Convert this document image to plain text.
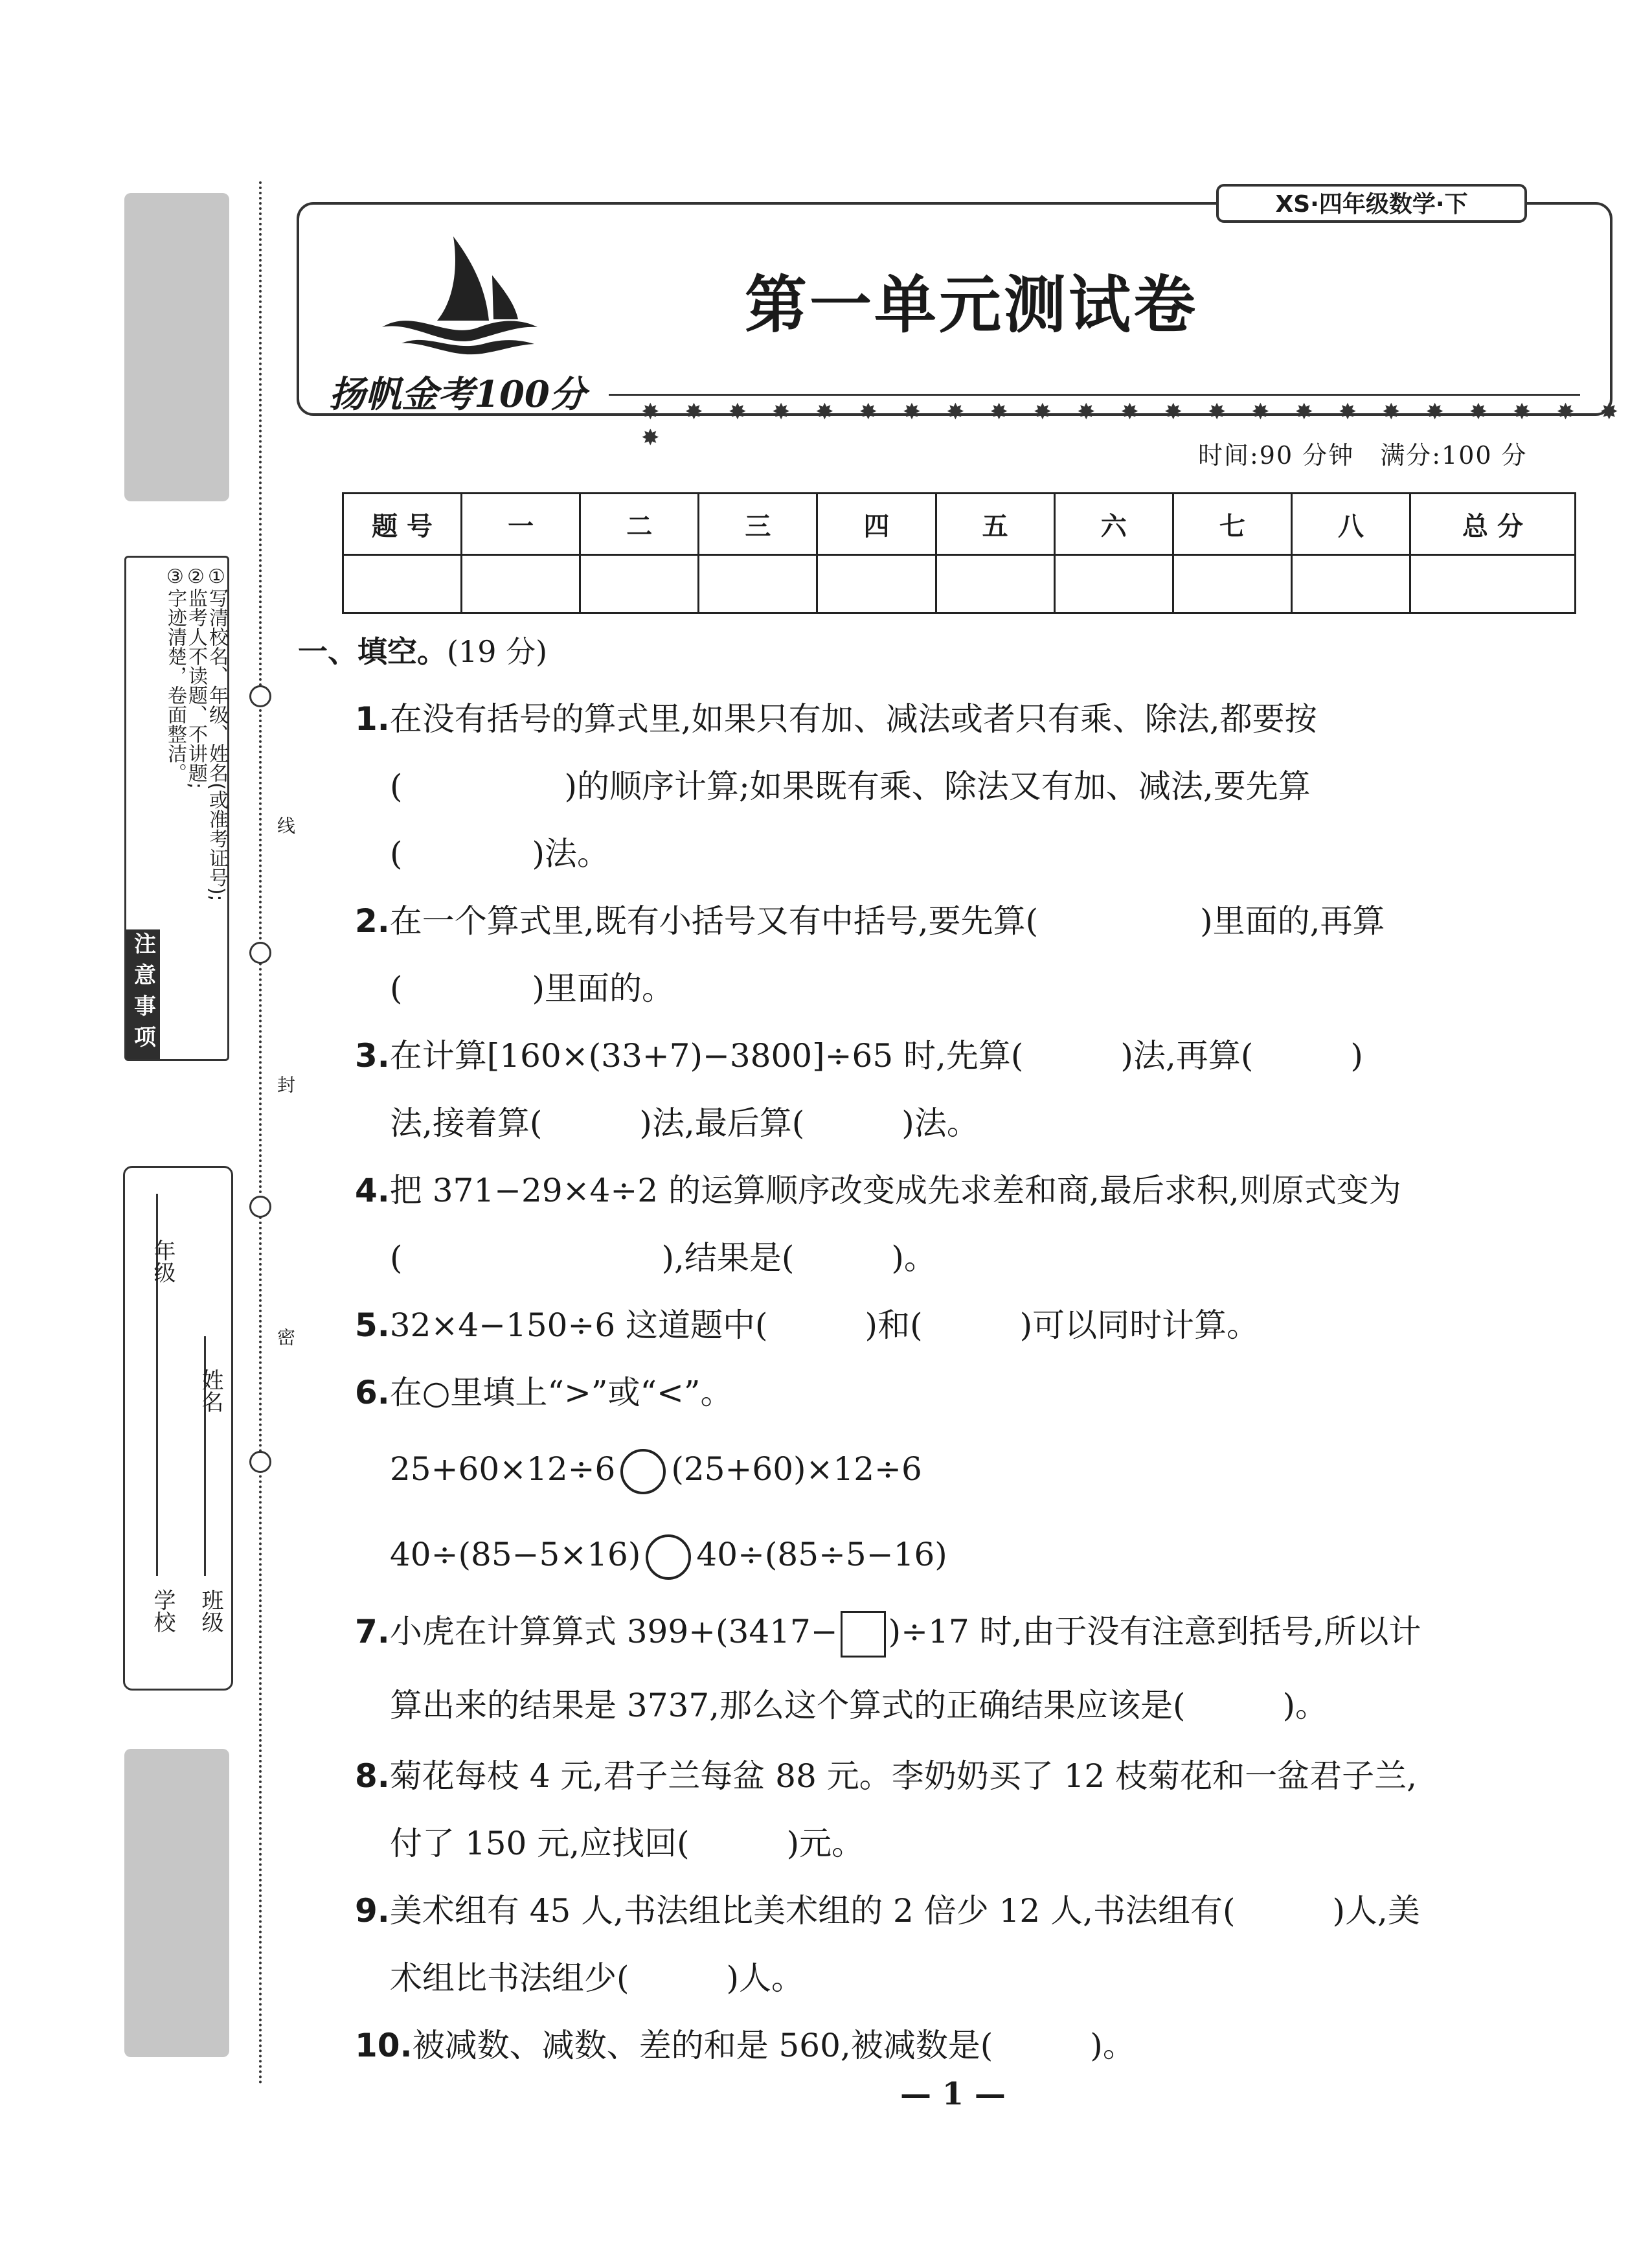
①写清校名、年级、姓名(或准考证号);
②监考人不读题、不讲题;
③字迹清楚，卷面整洁。
注意事项
学校
年级
班级
姓名
线
封
密
XS·四年级数学·下
第一单元测试卷
扬帆金考100分	✸ ✸ ✸ ✸ ✸ ✸ ✸ ✸ ✸ ✸ ✸ ✸ ✸ ✸ ✸ ✸ ✸ ✸ ✸ ✸ ✸ ✸ ✸ ✸
时间:90 分钟　满分:100 分
题 号	一	二	三	四	五	六	七	八	总 分

一、填空。(19 分)
1.在没有括号的算式里,如果只有加、减法或者只有乘、除法,都要按
(　　　　　)的顺序计算;如果既有乘、除法又有加、减法,要先算
(　　　　)法。
2.在一个算式里,既有小括号又有中括号,要先算(　　　　　)里面的,再算
(　　　　)里面的。
3.在计算[160×(33+7)−3800]÷65 时,先算(　　　)法,再算(　　　)
法,接着算(　　　)法,最后算(　　　)法。
4.把 371−29×4÷2 的运算顺序改变成先求差和商,最后求积,则原式变为
(　　　　　　　　),结果是(　　　)。
5.32×4−150÷6 这道题中(　　　)和(　　　)可以同时计算。
6.在○里填上“>”或“<”。
25+60×12÷6 (25+60)×12÷6
40÷(85−5×16) 40÷(85÷5−16)
7.小虎在计算算式 399+(3417− )÷17 时,由于没有注意到括号,所以计
算出来的结果是 3737,那么这个算式的正确结果应该是(　　　)。
8.菊花每枝 4 元,君子兰每盆 88 元。李奶奶买了 12 枝菊花和一盆君子兰,
付了 150 元,应找回(　　　)元。
9.美术组有 45 人,书法组比美术组的 2 倍少 12 人,书法组有(　　　)人,美
术组比书法组少(　　　)人。
10.被减数、减数、差的和是 560,被减数是(　　　)。
— 1 —
